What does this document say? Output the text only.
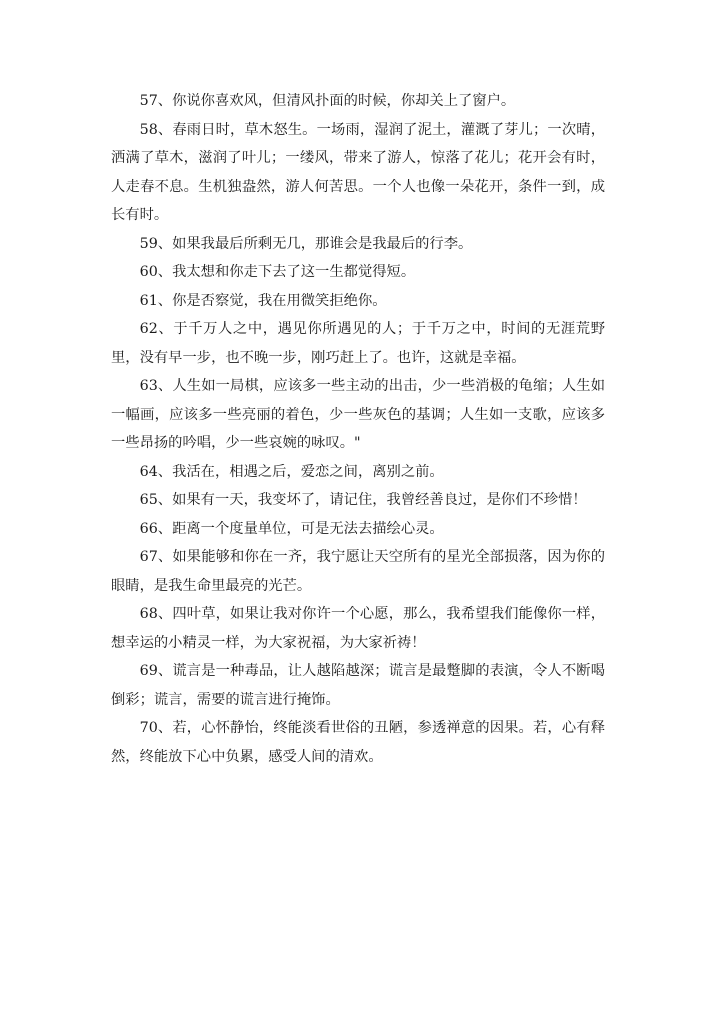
57、你说你喜欢风，但清风扑面的时候，你却关上了窗户。

58、春雨日时，草木怒生。一场雨，湿润了泥土，灌溉了芽儿；一次晴，洒满了草木，滋润了叶儿；一缕风，带来了游人，惊落了花儿；花开会有时，人走春不息。生机独盎然，游人何苦思。一个人也像一朵花开，条件一到，成长有时。

59、如果我最后所剩无几，那谁会是我最后的行李。

60、我太想和你走下去了这一生都觉得短。

61、你是否察觉，我在用微笑拒绝你。

62、于千万人之中，遇见你所遇见的人；于千万之中，时间的无涯荒野里，没有早一步，也不晚一步，刚巧赶上了。也许，这就是幸福。

63、人生如一局棋，应该多一些主动的出击，少一些消极的龟缩；人生如一幅画，应该多一些亮丽的着色，少一些灰色的基调；人生如一支歌，应该多一些昂扬的吟唱，少一些哀婉的咏叹。"

64、我活在，相遇之后，爱恋之间，离别之前。

65、如果有一天，我变坏了，请记住，我曾经善良过，是你们不珍惜！

66、距离一个度量单位，可是无法去描绘心灵。

67、如果能够和你在一齐，我宁愿让天空所有的星光全部损落，因为你的眼睛，是我生命里最亮的光芒。

68、四叶草，如果让我对你许一个心愿，那么，我希望我们能像你一样，想幸运的小精灵一样，为大家祝福，为大家祈祷！

69、谎言是一种毒品，让人越陷越深；谎言是最蹩脚的表演，令人不断喝倒彩；谎言，需要的谎言进行掩饰。

70、若，心怀静怡，终能淡看世俗的丑陋，参透禅意的因果。若，心有释然，终能放下心中负累，感受人间的清欢。
